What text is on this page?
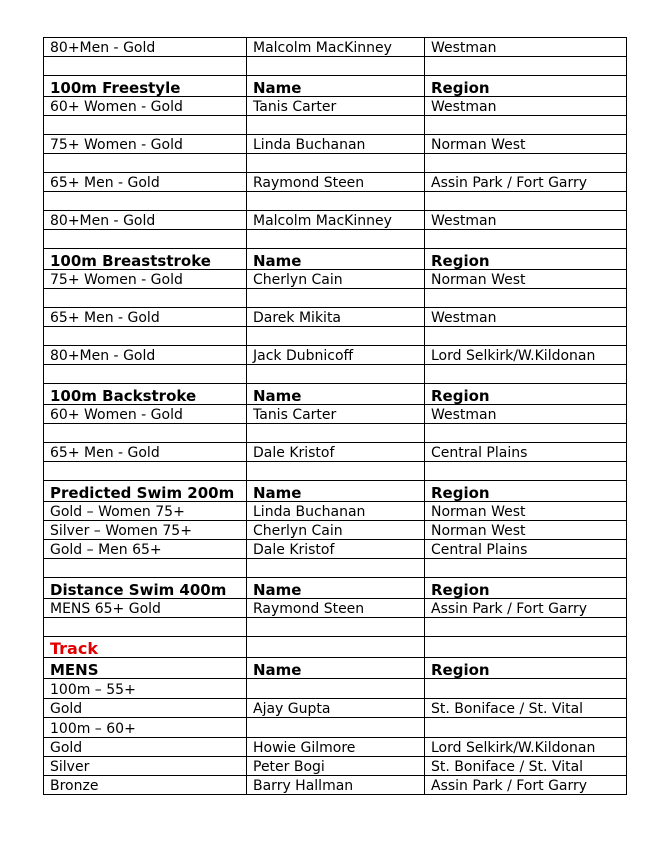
80+Men - Gold	Malcolm MacKinney	Westman

100m Freestyle	Name	Region
60+ Women - Gold	Tanis Carter	Westman

75+ Women - Gold	Linda Buchanan	Norman West

65+ Men - Gold	Raymond Steen	Assin Park / Fort Garry

80+Men - Gold	Malcolm MacKinney	Westman

100m Breaststroke	Name	Region
75+ Women - Gold	Cherlyn Cain	Norman West

65+ Men - Gold	Darek Mikita	Westman

80+Men - Gold	Jack Dubnicoff	Lord Selkirk/W.Kildonan

100m Backstroke	Name	Region
60+ Women - Gold	Tanis Carter	Westman

65+ Men - Gold	Dale Kristof	Central Plains

Predicted Swim 200m	Name	Region
Gold – Women 75+	Linda Buchanan	Norman West
Silver – Women 75+	Cherlyn Cain	Norman West
Gold – Men 65+	Dale Kristof	Central Plains

Distance Swim 400m	Name	Region
MENS 65+ Gold	Raymond Steen	Assin Park / Fort Garry

Track		
MENS	Name	Region
100m – 55+		
Gold	Ajay Gupta	St. Boniface / St. Vital
100m – 60+		
Gold	Howie Gilmore	Lord Selkirk/W.Kildonan
Silver	Peter Bogi	St. Boniface / St. Vital
Bronze	Barry Hallman	Assin Park / Fort Garry
